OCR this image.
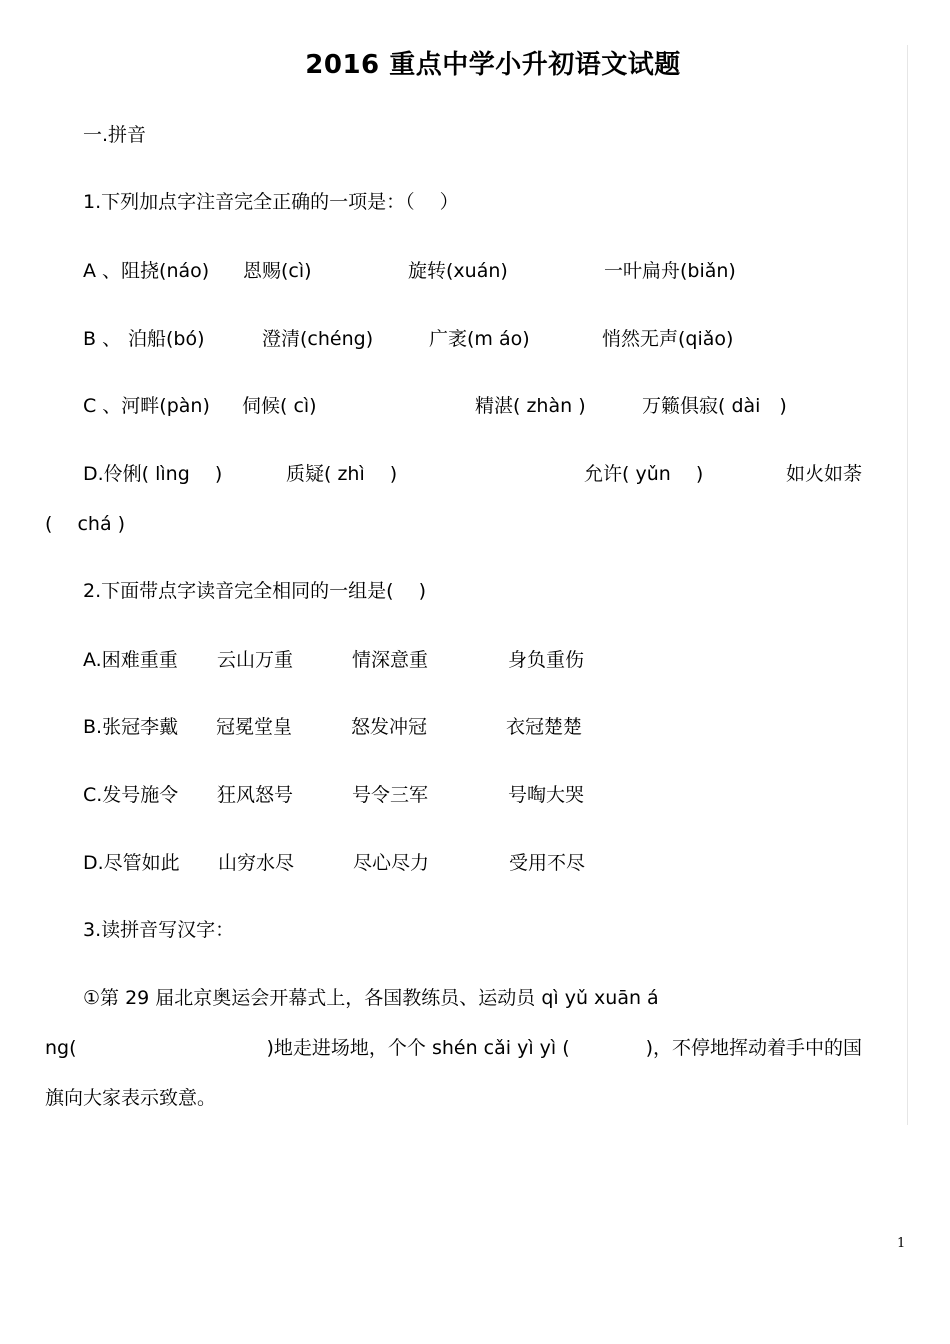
2016 重点中学小升初语文试题
一.拼音
1.下列加点字注音完全正确的一项是：（　 ）
A 、阻挠(náo) 恩赐(cì)	旋转(xuán)	一叶扁舟(biǎn)
B 、 泊船(bó)	澄清(chéng)	广袤(m áo)	悄然无声(qiǎo)
C 、河畔(pàn) 伺候( cì)	精湛( zhàn )	万籁俱寂( dài　)
D.伶俐( lìng　 )	质疑( zhì　 )	允许( yǔn　 )	如火如荼
(　 chá )
2.下面带点字读音完全相同的一组是(　 )
A.困难重重 云山万重	情深意重	身负重伤
B.张冠李戴 冠冕堂皇	怒发冲冠	衣冠楚楚
C.发号施令 狂风怒号	号令三军	号啕大哭
D.尽管如此 山穷水尽	尽心尽力	受用不尽
3.读拼音写汉字：
①第 29 届北京奥运会开幕式上，各国教练员、运动员 qì yǔ xuān á
ng(　　　　　　　　　　)地走进场地，个个 shén cǎi yì yì (　　　　)，不停地挥动着手中的国
旗向大家表示致意。
1
